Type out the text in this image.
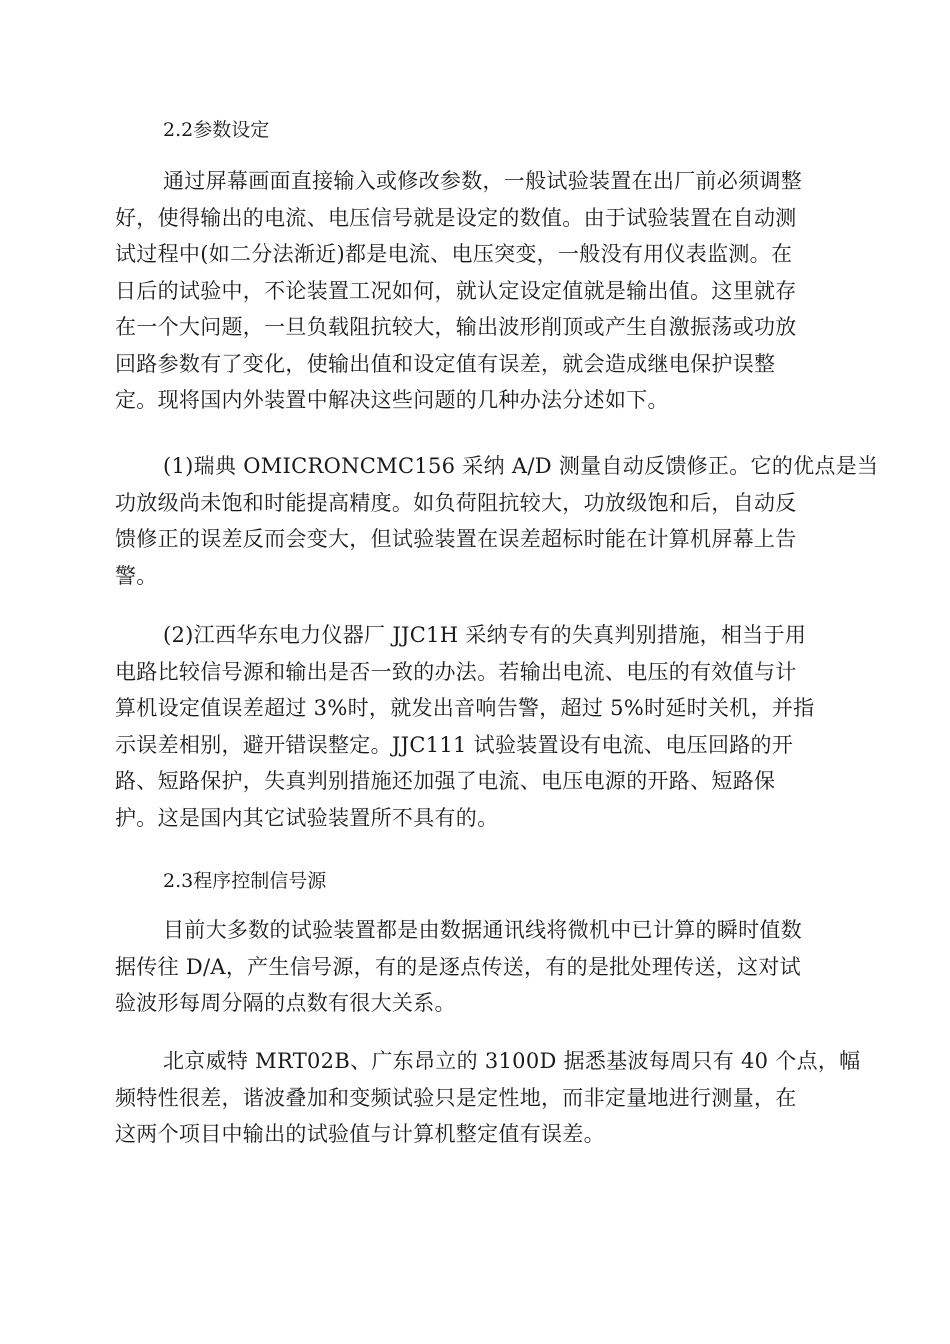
2.2参数设定
通过屏幕画面直接输入或修改参数，一般试验装置在出厂前必须调整
好，使得输出的电流、电压信号就是设定的数值。由于试验装置在自动测
试过程中(如二分法渐近)都是电流、电压突变，一般没有用仪表监测。在
日后的试验中，不论装置工况如何，就认定设定值就是输出值。这里就存
在一个大问题，一旦负载阻抗较大，输出波形削顶或产生自激振荡或功放
回路参数有了变化，使输出值和设定值有误差，就会造成继电保护误整
定。现将国内外装置中解决这些问题的几种办法分述如下。
(1)瑞典 OMICRONCMC156 采纳 A/D 测量自动反馈修正。它的优点是当
功放级尚未饱和时能提高精度。如负荷阻抗较大，功放级饱和后，自动反
馈修正的误差反而会变大，但试验装置在误差超标时能在计算机屏幕上告
警。
(2)江西华东电力仪器厂 JJC1H 采纳专有的失真判别措施，相当于用
电路比较信号源和输出是否一致的办法。若输出电流、电压的有效值与计
算机设定值误差超过 3%时，就发出音响告警，超过 5%时延时关机，并指
示误差相别，避开错误整定。JJC111 试验装置设有电流、电压回路的开
路、短路保护，失真判别措施还加强了电流、电压电源的开路、短路保
护。这是国内其它试验装置所不具有的。
2.3程序控制信号源
目前大多数的试验装置都是由数据通讯线将微机中已计算的瞬时值数
据传往 D/A，产生信号源，有的是逐点传送，有的是批处理传送，这对试
验波形每周分隔的点数有很大关系。
北京威特 MRT02B、广东昂立的 3100D 据悉基波每周只有 40 个点，幅
频特性很差，谐波叠加和变频试验只是定性地，而非定量地进行测量，在
这两个项目中输出的试验值与计算机整定值有误差。
